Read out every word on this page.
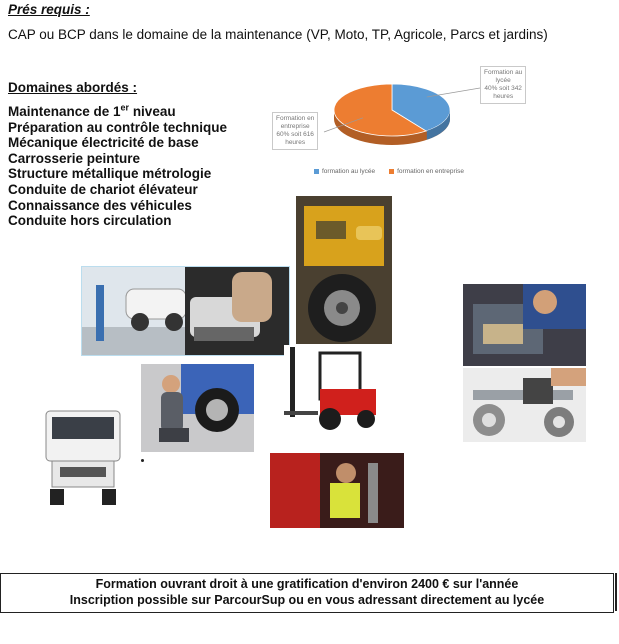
Prés requis :
CAP ou BCP dans le domaine de la maintenance (VP, Moto, TP, Agricole, Parcs et jardins)
Domaines abordés :
Maintenance de 1er niveau
Préparation au contrôle technique
Mécanique électricité de base
Carrosserie peinture
Structure métallique métrologie
Conduite de chariot élévateur
Connaissance des véhicules
Conduite hors circulation
Formation au
lycée
40% soit 342
heures
Formation en
entreprise
60% soit 616
heures
formation au lycée	formation en entreprise
Formation ouvrant droit à une gratification d'environ 2400 € sur l'année
Inscription possible sur ParcourSup ou en vous adressant directement au lycée
